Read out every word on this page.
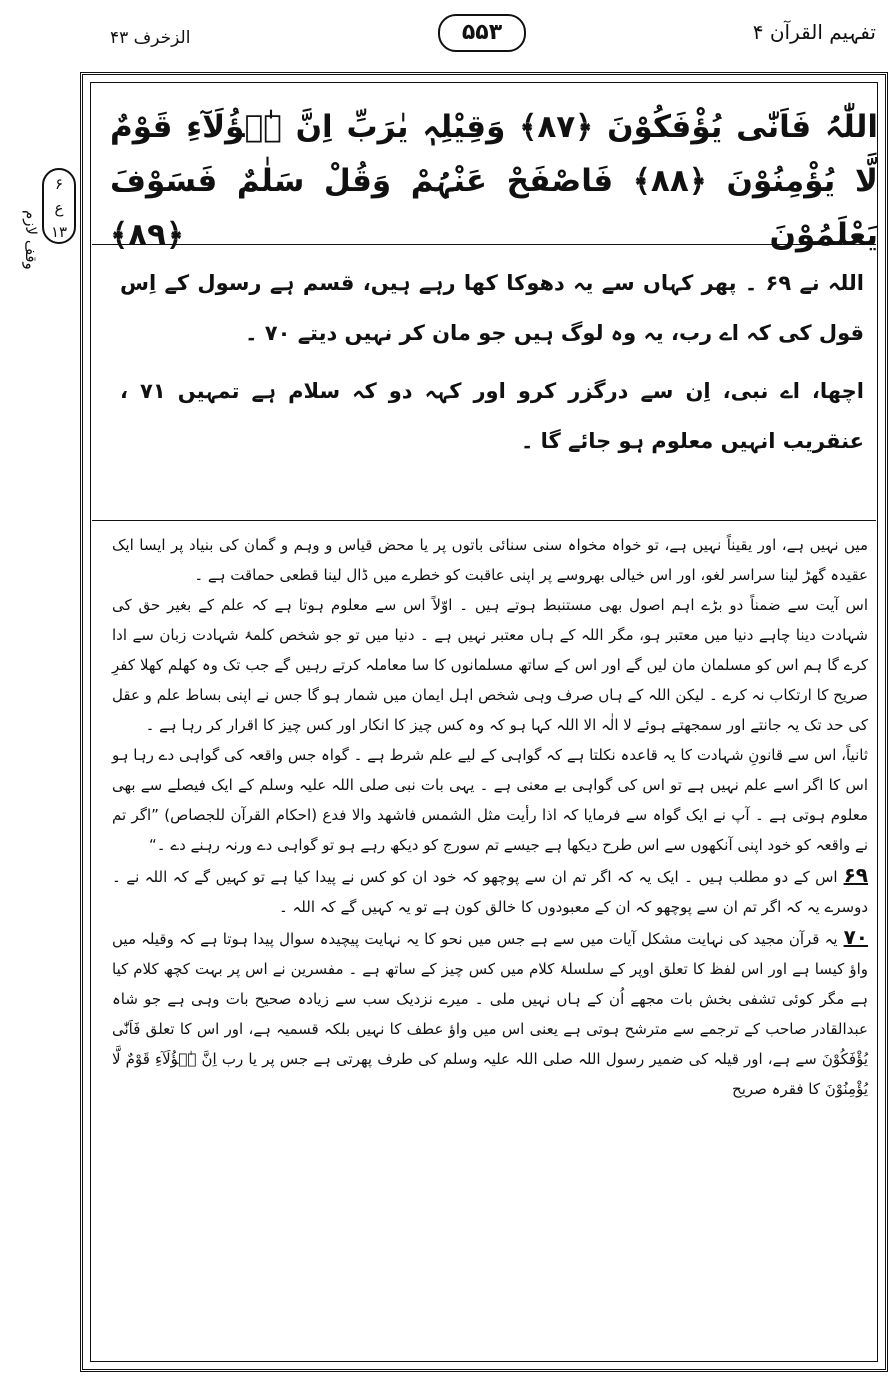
تفہیم القرآن ۴
۵۵۳
الزخرف ۴۳
وقف لازم
۶
ع
۱۳
اللّٰہُ فَاَنّٰی یُؤْفَکُوْنَ ﴿۸۷﴾ وَقِیْلِہٖ یٰرَبِّ اِنَّ ہٰۤؤُلَآءِ قَوْمٌ لَّا یُؤْمِنُوْنَ ﴿۸۸﴾ فَاصْفَحْ عَنْہُمْ وَقُلْ سَلٰمٌ فَسَوْفَ یَعْلَمُوْنَ ﴿۸۹﴾

اللہ نے ۶۹ ۔ پھر کہاں سے یہ دھوکا کھا رہے ہیں، قسم ہے رسول کے اِس قول کی کہ اے رب، یہ وہ لوگ ہیں جو مان کر نہیں دیتے ۷۰ ۔

اچھا، اے نبی، اِن سے درگزر کرو اور کہہ دو کہ سلام ہے تمہیں ۷۱ ، عنقریب انہیں معلوم ہو جائے گا ۔

میں نہیں ہے، اور یقیناً نہیں ہے، تو خواہ مخواہ سنی سنائی باتوں پر یا محض قیاس و وہم و گمان کی بنیاد پر ایسا ایک عقیدہ گھڑ لینا سراسر لغو، اور اس خیالی بھروسے پر اپنی عاقبت کو خطرے میں ڈال لینا قطعی حماقت ہے ۔

اس آیت سے ضمناً دو بڑے اہم اصول بھی مستنبط ہوتے ہیں ۔ اوّلاً اس سے معلوم ہوتا ہے کہ علم کے بغیر حق کی شہادت دینا چاہے دنیا میں معتبر ہو، مگر اللہ کے ہاں معتبر نہیں ہے ۔ دنیا میں تو جو شخص کلمۂ شہادت زبان سے ادا کرے گا ہم اس کو مسلمان مان لیں گے اور اس کے ساتھ مسلمانوں کا سا معاملہ کرتے رہیں گے جب تک وہ کھلم کھلا کفرِ صریح کا ارتکاب نہ کرے ۔ لیکن اللہ کے ہاں صرف وہی شخص اہل ایمان میں شمار ہو گا جس نے اپنی بساط علم و عقل کی حد تک یہ جانتے اور سمجھتے ہوئے لا الٰہ الا اللہ کہا ہو کہ وہ کس چیز کا انکار اور کس چیز کا اقرار کر رہا ہے ۔

ثانیاً، اس سے قانونِ شہادت کا یہ قاعدہ نکلتا ہے کہ گواہی کے لیے علم شرط ہے ۔ گواہ جس واقعہ کی گواہی دے رہا ہو اس کا اگر اسے علم نہیں ہے تو اس کی گواہی بے معنی ہے ۔ یہی بات نبی صلی اللہ علیہ وسلم کے ایک فیصلے سے بھی معلوم ہوتی ہے ۔ آپ نے ایک گواہ سے فرمایا کہ اذا رأیت مثل الشمس فاشھد والا فدع (احکام القرآن للجصاص) ”اگر تم نے واقعہ کو خود اپنی آنکھوں سے اس طرح دیکھا ہے جیسے تم سورج کو دیکھ رہے ہو تو گواہی دے ورنہ رہنے دے ۔“

۶۹اس کے دو مطلب ہیں ۔ ایک یہ کہ اگر تم ان سے پوچھو کہ خود ان کو کس نے پیدا کیا ہے تو کہیں گے کہ اللہ نے ۔ دوسرے یہ کہ اگر تم ان سے پوچھو کہ ان کے معبودوں کا خالق کون ہے تو یہ کہیں گے کہ اللہ ۔

۷۰یہ قرآن مجید کی نہایت مشکل آیات میں سے ہے جس میں نحو کا یہ نہایت پیچیدہ سوال پیدا ہوتا ہے کہ وقیلہ میں واؤ کیسا ہے اور اس لفظ کا تعلق اوپر کے سلسلۂ کلام میں کس چیز کے ساتھ ہے ۔ مفسرین نے اس پر بہت کچھ کلام کیا ہے مگر کوئی تشفی بخش بات مجھے اُن کے ہاں نہیں ملی ۔ میرے نزدیک سب سے زیادہ صحیح بات وہی ہے جو شاہ عبدالقادر صاحب کے ترجمے سے مترشح ہوتی ہے یعنی اس میں واؤ عطف کا نہیں بلکہ قسمیہ ہے، اور اس کا تعلق فَاَنّٰی یُؤْفَکُوْنَ سے ہے، اور قیلہ کی ضمیر رسول اللہ صلی اللہ علیہ وسلم کی طرف پھرتی ہے جس پر یا رب اِنَّ ہٰۤؤُلَآءِ قَوْمٌ لَّا یُؤْمِنُوْنَ کا فقرہ صریح
